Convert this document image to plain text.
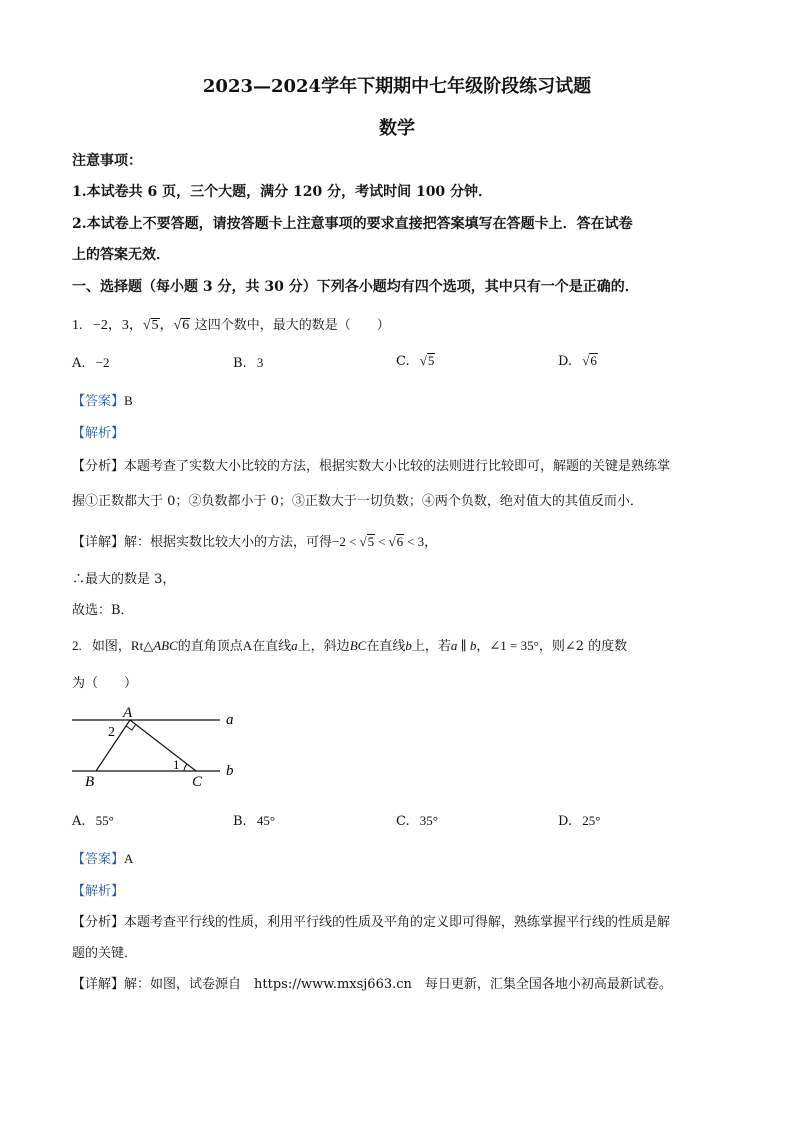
2023—2024学年下期期中七年级阶段练习试题
数学
注意事项：
1.本试卷共 6 页，三个大题，满分 120 分，考试时间 100 分钟．
2.本试卷上不要答题，请按答题卡上注意事项的要求直接把答案填写在答题卡上．答在试卷
上的答案无效．
一、选择题（每小题 3 分，共 30 分）下列各小题均有四个选项，其中只有一个是正确的．
1. −2，3，√5，√6 这四个数中，最大的数是（　　）
A. −2	B. 3	C. √5	D. √6
【答案】B
【解析】
【分析】本题考查了实数大小比较的方法，根据实数大小比较的法则进行比较即可，解题的关键是熟练掌
握①正数都大于 0；②负数都小于 0；③正数大于一切负数；④两个负数，绝对值大的其值反而小．
【详解】解：根据实数比较大小的方法，可得−2 < √5 < √6 < 3，
∴最大的数是 3，
故选：B．
2. 如图，Rt△ABC的直角顶点A在直线a上，斜边BC在直线b上，若a ∥ b，∠1 = 35°，则∠2 的度数
为（　　）
A
B	C
a
b
1
2
A. 55°	B. 45°	C. 35°	D. 25°
【答案】A
【解析】
【分析】本题考查平行线的性质，利用平行线的性质及平角的定义即可得解，熟练掌握平行线的性质是解
题的关键．
【详解】解：如图，试卷源自　https://www.mxsj663.cn　每日更新，汇集全国各地小初高最新试卷。
